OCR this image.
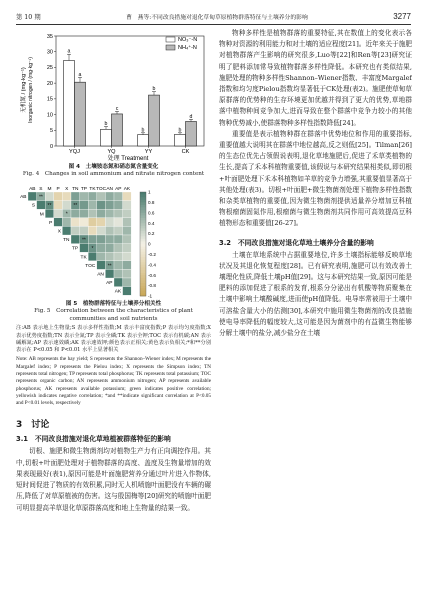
第 10 期	曹　燕等:不同改良措施对退化草甸草原植物群落特征与土壤养分的影响	3277
无机氮 / (mg·kg⁻¹) Inorganic nitrogen / (mg·kg⁻¹)
0
5
10
15
20
25
30
35
YQJ	YQ	YY	CK
a
a
b
c
b
b
b
d
NO₃⁻-N
NH₄⁺-N
处理 Treatment
图 4　土壤铵态氮和硝态氮含量变化
Fig. 4　Changes in soil ammonium and nitrate nitrogen content
**
**	**
*
**
*
**
AB S M P X TN TP TK TOC AN AP AK
AB
S
M
P
X
TN
TP
TK
TOC
AN
AP
AK
1
0.8
0.6
0.4
0.2
0
-0.2
-0.4
-0.6
-0.8
-1
图 5　植物群落特征与土壤养分相关性
Fig. 5　Correlation between the characteristics of plant
communities and soil nutrients
注:AB 表示地上生物量;S 表示多样性指数;M 表示丰富度指数;P 表示均匀度指数;X 表示优势度指数;TN 表示全氮;TP 表示全磷;TK 表示全钾;TOC 表示有机碳;AN 表示碱解氮;AP 表示速效磷;AK 表示速效钾;颜色表示正相关;黄色表示负相关;*和**分别表示在 P<0.05 和 P<0.01 水平上显著相关
Note: AB represents the hay yield; S represents the Shannon–Wiener index; M represents the Margalef index; P represents the Pielou index; X represents the Simpson index; TN represents total nitrogen; TP represents total phosphorus; TK represents total potassium; TOC represents organic carbon; AN represents ammonium nitrogen; AP represents available phosphorus; AK represents available potassium; green indicates positive correlation; yellowish indicates negative correlation; *and **indicate significant correlation at P<0.05 and P<0.01 levels, respectively
3　讨论
3.1　不同改良措施对退化草地植被群落特征的影响

切根、施肥和微生物菌剂均对植物生产力有正向调控作用。其中,切根+叶面肥处理对于植物群落的高度、盖度及生物量增加的效果表现最好(表1),原因可能是叶面施肥营养分通过叶片进入作物体,短时间促进了物质的有效积累,同时无人机喷施叶面肥没有车辆的碾压,降低了对草原植被的伤害。这与殷国梅等[20]研究的喷施叶面肥可明显提高羊草退化草原群落高度和地上生物量的结果一致。

物种多样性是植物群落的重要特征,其在数值上的变化表示各物种对资源的利用能力和对土壤的适应程度[21]。近年来关于施肥对植物群落产生影响的研究很多,Luo等[22]和Ren等[23]研究证明了肥料添加常导致植物群落多样性降低。本研究也有类似结果,施肥处理的物种多样性Shannon–Wiener指数、丰富度Margalef指数和均匀度Pielou指数均显著低于CK处理(表2)。施肥使草甸草原群落的优势种的生存环境更加优越并得到了更大的优势,草地群落中植物种间竞争加大,进而导致在整个群落中竞争力较小的其他物种优势减小,使群落物种多样性指数降低[24]。

重要值是表示植物种群在群落中优势地位和作用的重要指标,重要值越大说明其在群落中地位越高,反之则低[25]。Tilman[26]的生态位优先占领假说表明,退化草地施肥后,促进了禾草类植物的生长,提高了禾本科植物重要值,该假说与本研究结果相类似,即切根+叶面肥处理下禾本科植物如羊草的竞争力增强,其重要值显著高于其他处理(表3)。切根+叶面肥+微生物菌剂处理下植物多样性指数和杂类草植物的重要值,因为微生物菌剂提供适量养分增加豆科植物根瘤菌固氮作用,根瘤菌与微生物菌剂共同作用可高效提高豆科植物形态和重要值[26-27]。

3.2　不同改良措施对退化草地土壤养分含量的影响

土壤在草地系统中占据重要地位,许多土壤指标能够反映草地状况及其退化恢复程度[28]。已有研究表明,施肥可以有效改善土壤理化性质,降低土壤pH值[29]。这与本研究结果一致,原因可能是肥料的添加促进了根系的发育,根系分分泌出有机酸等物质聚集在土壤中影响土壤酸碱度,进而使pH值降低。电导率常被用于土壤中可溶盐含量大小的估测[30],本研究中施用微生物菌剂的改良措施使电导率降低的幅度较大,这可能是因为菌剂中的有益微生物能够分解土壤中的盐分,减少盐分在土壤
